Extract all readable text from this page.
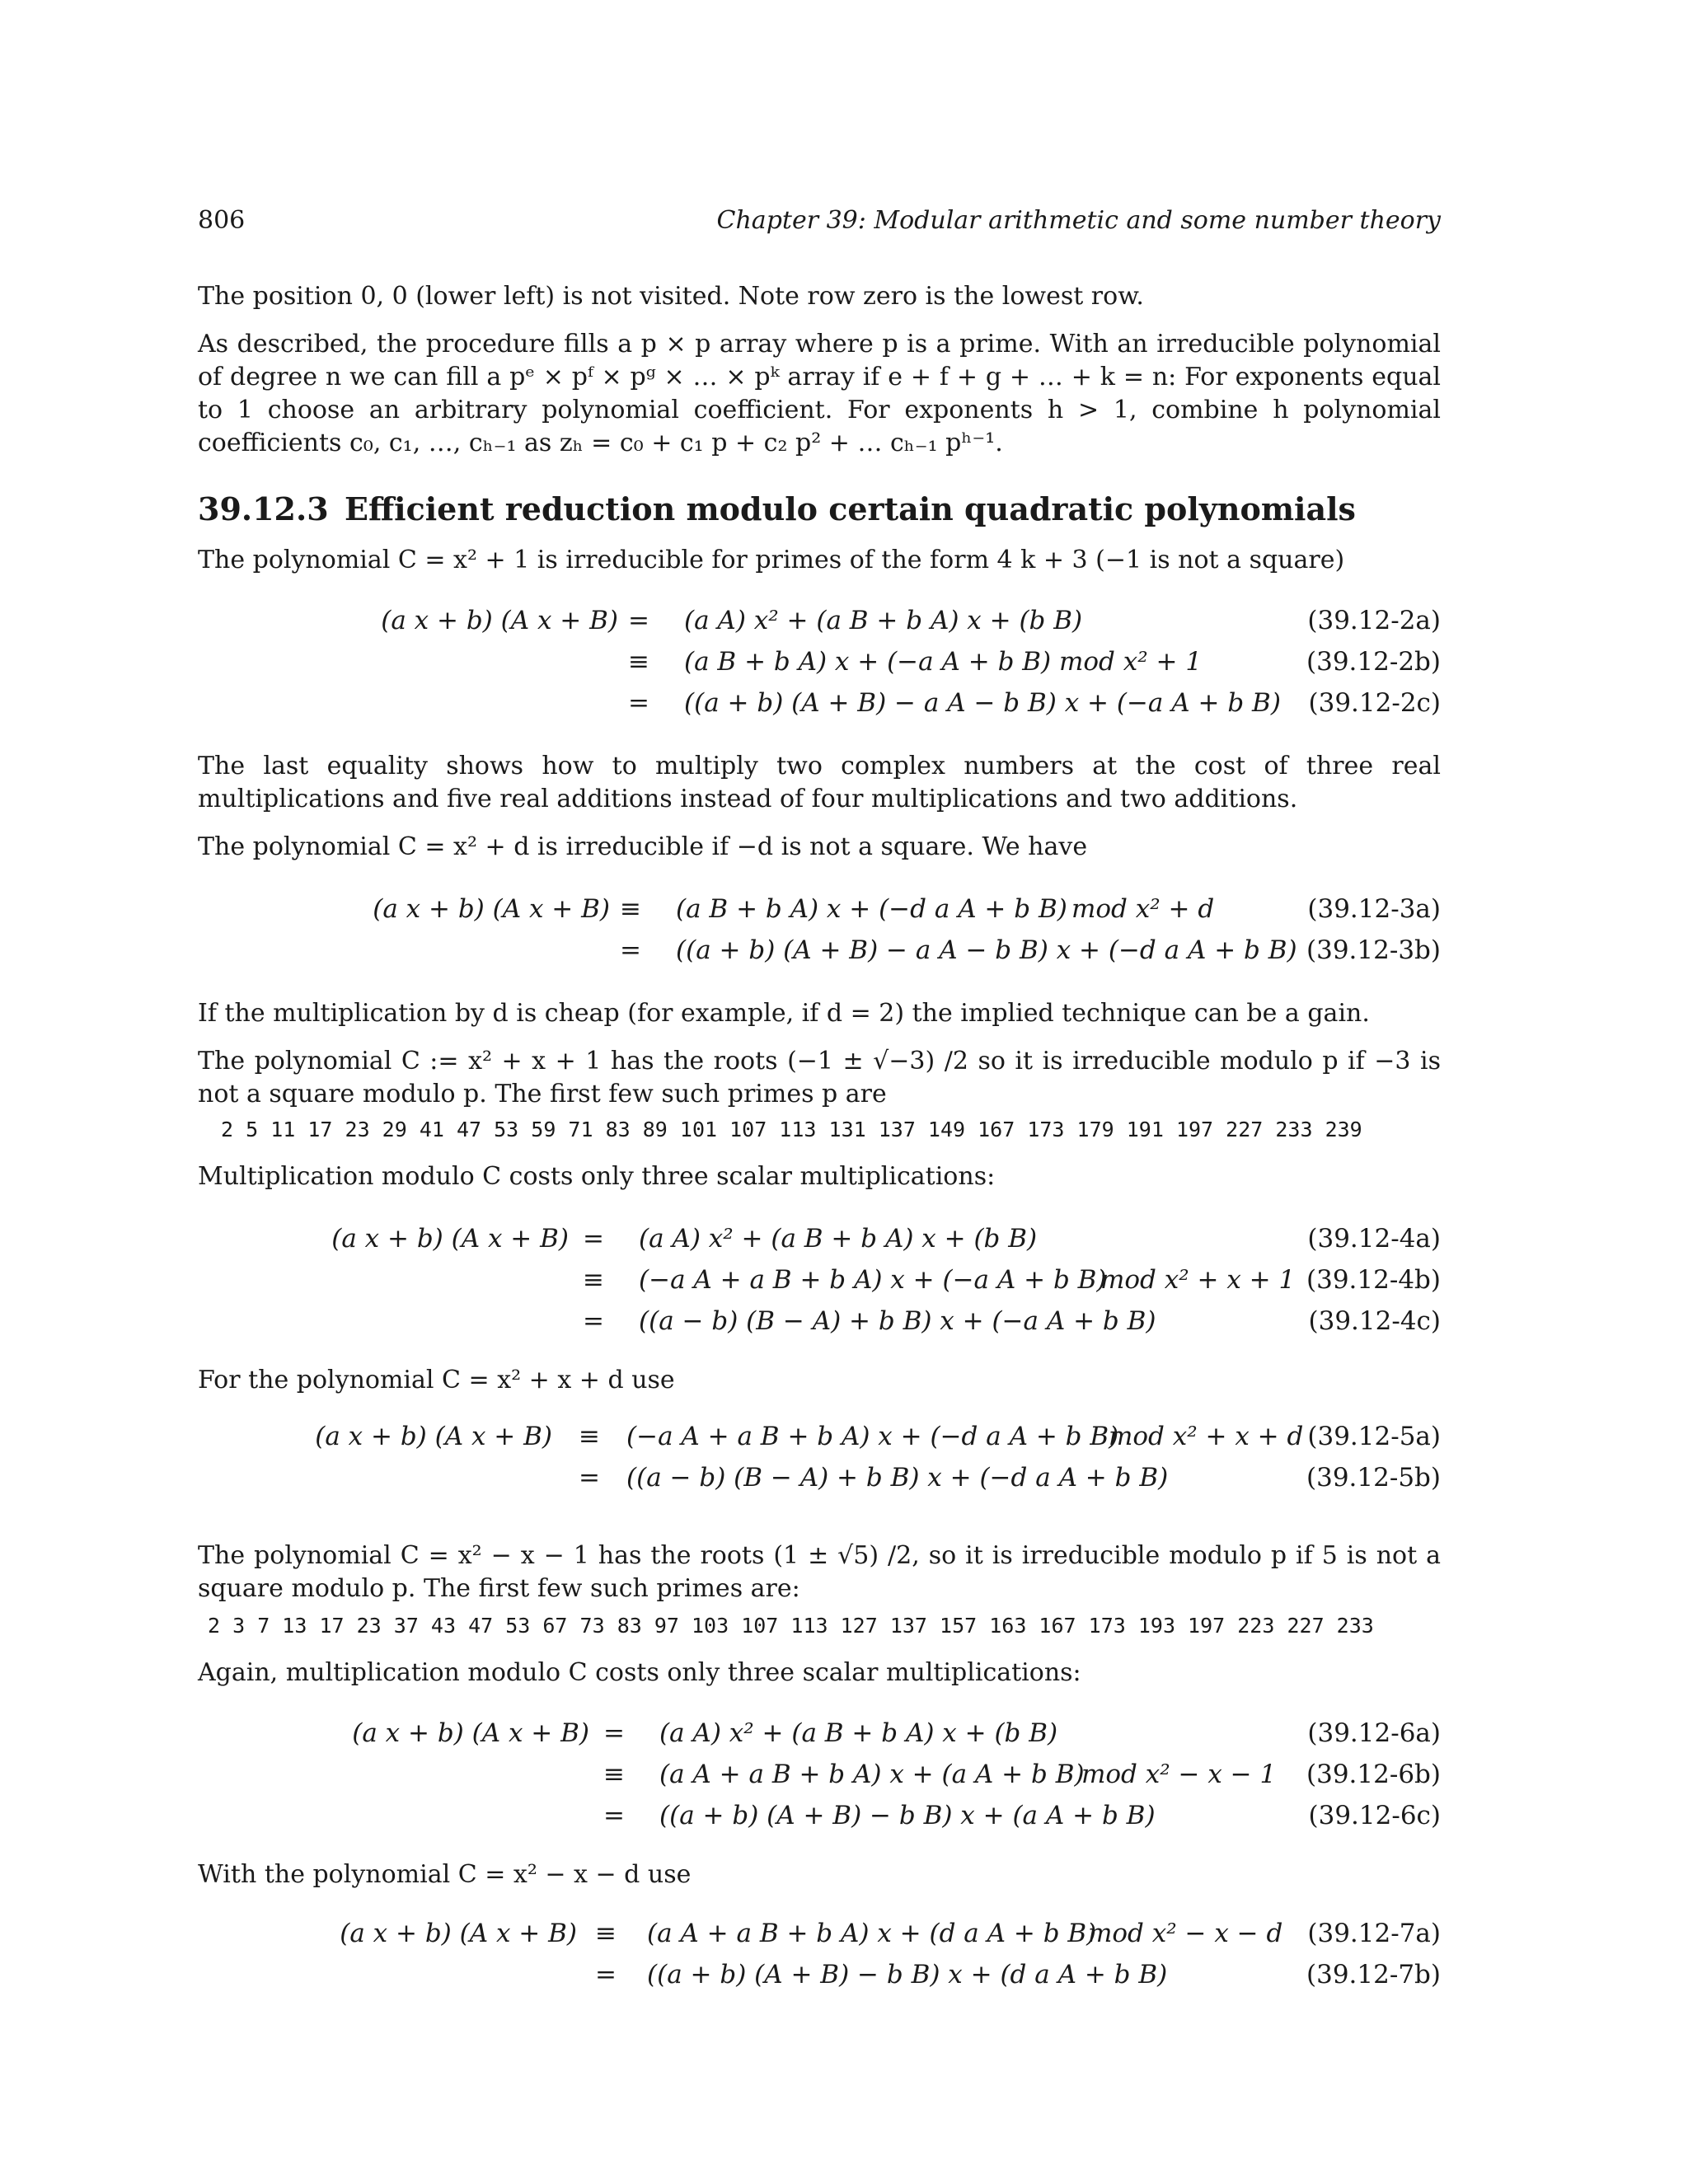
806	Chapter 39: Modular arithmetic and some number theory

The position 0, 0 (lower left) is not visited. Note row zero is the lowest row.

As described, the procedure fills a p × p array where p is a prime. With an irreducible polynomial of degree n we can fill a pᵉ × pᶠ × pᵍ × … × pᵏ array if e + f + g + … + k = n: For exponents equal to 1 choose an arbitrary polynomial coefficient. For exponents h > 1, combine h polynomial coefficients c₀, c₁, …, cₕ₋₁ as zₕ = c₀ + c₁ p + c₂ p² + … cₕ₋₁ pʰ⁻¹.

39.12.3 Efficient reduction modulo certain quadratic polynomials

The polynomial C = x² + 1 is irreducible for primes of the form 4 k + 3 (−1 is not a square)

(a x + b) (A x + B) = (a A) x² + (a B + b A) x + (b B)	(39.12-2a)
≡ (a B + b A) x + (−a A + b B) mod x² + 1	(39.12-2b)
= ((a + b) (A + B) − a A − b B) x + (−a A + b B) (39.12-2c)

The last equality shows how to multiply two complex numbers at the cost of three real multiplications and five real additions instead of four multiplications and two additions.

The polynomial C = x² + d is irreducible if −d is not a square. We have

(a x + b) (A x + B) ≡ (a B + b A) x + (−d a A + b B) mod x² + d	(39.12-3a)
= ((a + b) (A + B) − a A − b B) x + (−d a A + b B) (39.12-3b)

If the multiplication by d is cheap (for example, if d = 2) the implied technique can be a gain.

The polynomial C := x² + x + 1 has the roots (−1 ± √−3) /2 so it is irreducible modulo p if −3 is not a square modulo p. The first few such primes p are

2 5 11 17 23 29 41 47 53 59 71 83 89 101 107 113 131 137 149 167 173 179 191 197 227 233 239

Multiplication modulo C costs only three scalar multiplications:

(a x + b) (A x + B) = (a A) x² + (a B + b A) x + (b B)	(39.12-4a)
≡ (−a A + a B + b A) x + (−a A + b B)
mod x² + x + 1 (39.12-4b)
= ((a − b) (B − A) + b B) x + (−a A + b B)	(39.12-4c)

For the polynomial C = x² + x + d use

(a x + b) (A x + B) ≡ (−a A + a B + b A) x + (−d a A + b B)
mod x² + x + d (39.12-5a)
= ((a − b) (B − A) + b B) x + (−d a A + b B)	(39.12-5b)

The polynomial C = x² − x − 1 has the roots (1 ± √5) /2, so it is irreducible modulo p if 5 is not a square modulo p. The first few such primes are:

2 3 7 13 17 23 37 43 47 53 67 73 83 97 103 107 113 127 137 157 163 167 173 193 197 223 227 233

Again, multiplication modulo C costs only three scalar multiplications:

(a x + b) (A x + B) = (a A) x² + (a B + b A) x + (b B)	(39.12-6a)
≡ (a A + a B + b A) x + (a A + b B)
mod x² − x − 1 (39.12-6b)
= ((a + b) (A + B) − b B) x + (a A + b B)	(39.12-6c)

With the polynomial C = x² − x − d use

(a x + b) (A x + B) ≡ (a A + a B + b A) x + (d a A + b B)
mod x² − x − d (39.12-7a)
= ((a + b) (A + B) − b B) x + (d a A + b B)	(39.12-7b)
